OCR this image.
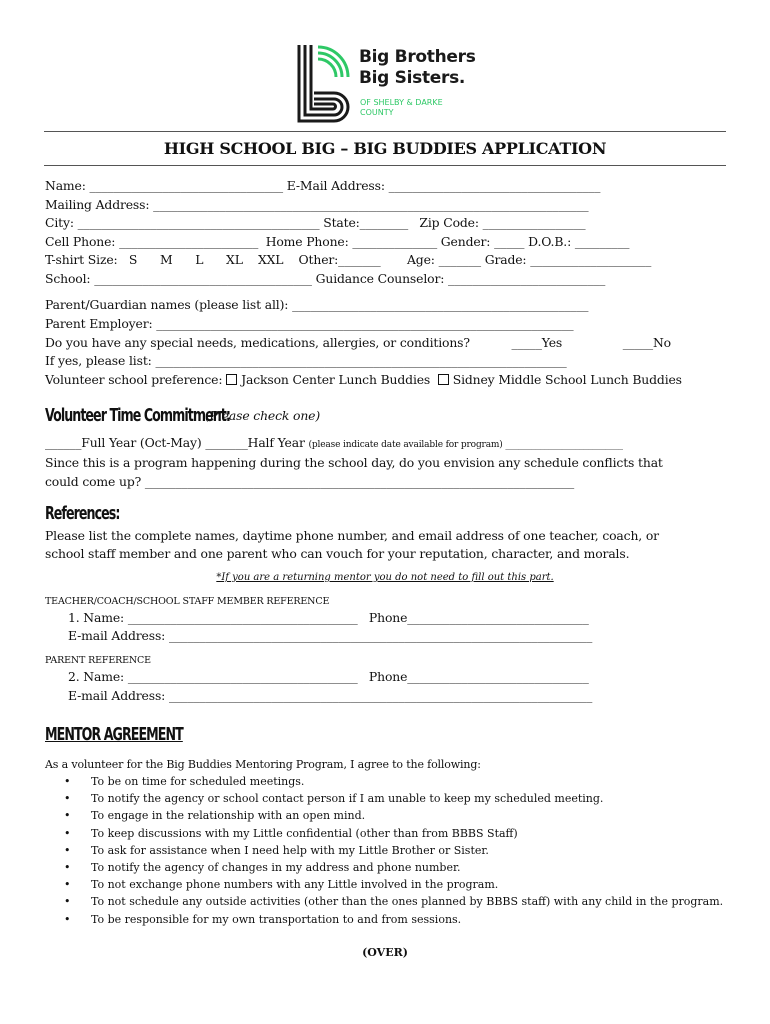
Big Brothers
Big Sisters.
OF SHELBY & DARKE
COUNTY
HIGH SCHOOL BIG – BIG BUDDIES APPLICATION
Name: ________________________________ E-Mail Address: ___________________________________
Mailing Address: ________________________________________________________________________
City: ________________________________________ State:________   Zip Code: _________________
Cell Phone: _______________________  Home Phone: ______________ Gender: _____ D.O.B.: _________
T-shirt Size:   S      M      L      XL    XXL    Other:_______       Age: _______ Grade: ____________________
School: ____________________________________ Guidance Counselor: __________________________
Parent/Guardian names (please list all): _________________________________________________
Parent Employer: _____________________________________________________________________
Do you have any special needs, medications, allergies, or conditions?           _____Yes                _____No
If yes, please list: ____________________________________________________________________
Volunteer school preference: Jackson Center Lunch Buddies Sidney Middle School Lunch Buddies
Volunteer Time Commitment:
(Please check one)
______Full Year (Oct-May) _______Half Year (please indicate date available for program) ___________________________
Since this is a program happening during the school day, do you envision any schedule conflicts that
could come up? _______________________________________________________________________
References:
Please list the complete names, daytime phone number, and email address of one teacher, coach, or
school staff member and one parent who can vouch for your reputation, character, and morals.
*If you are a returning mentor you do not need to fill out this part.
TEACHER/COACH/SCHOOL STAFF MEMBER REFERENCE
1. Name: ______________________________________   Phone______________________________
E-mail Address: ______________________________________________________________________
PARENT REFERENCE
2. Name: ______________________________________   Phone______________________________
E-mail Address: ______________________________________________________________________
MENTOR AGREEMENT
As a volunteer for the Big Buddies Mentoring Program, I agree to the following:
• To be on time for scheduled meetings.
• To notify the agency or school contact person if I am unable to keep my scheduled meeting.
• To engage in the relationship with an open mind.
• To keep discussions with my Little confidential (other than from BBBS Staff)
• To ask for assistance when I need help with my Little Brother or Sister.
• To notify the agency of changes in my address and phone number.
• To not exchange phone numbers with any Little involved in the program.
• To not schedule any outside activities (other than the ones planned by BBBS staff) with any child in the program.
• To be responsible for my own transportation to and from sessions.
(OVER)
